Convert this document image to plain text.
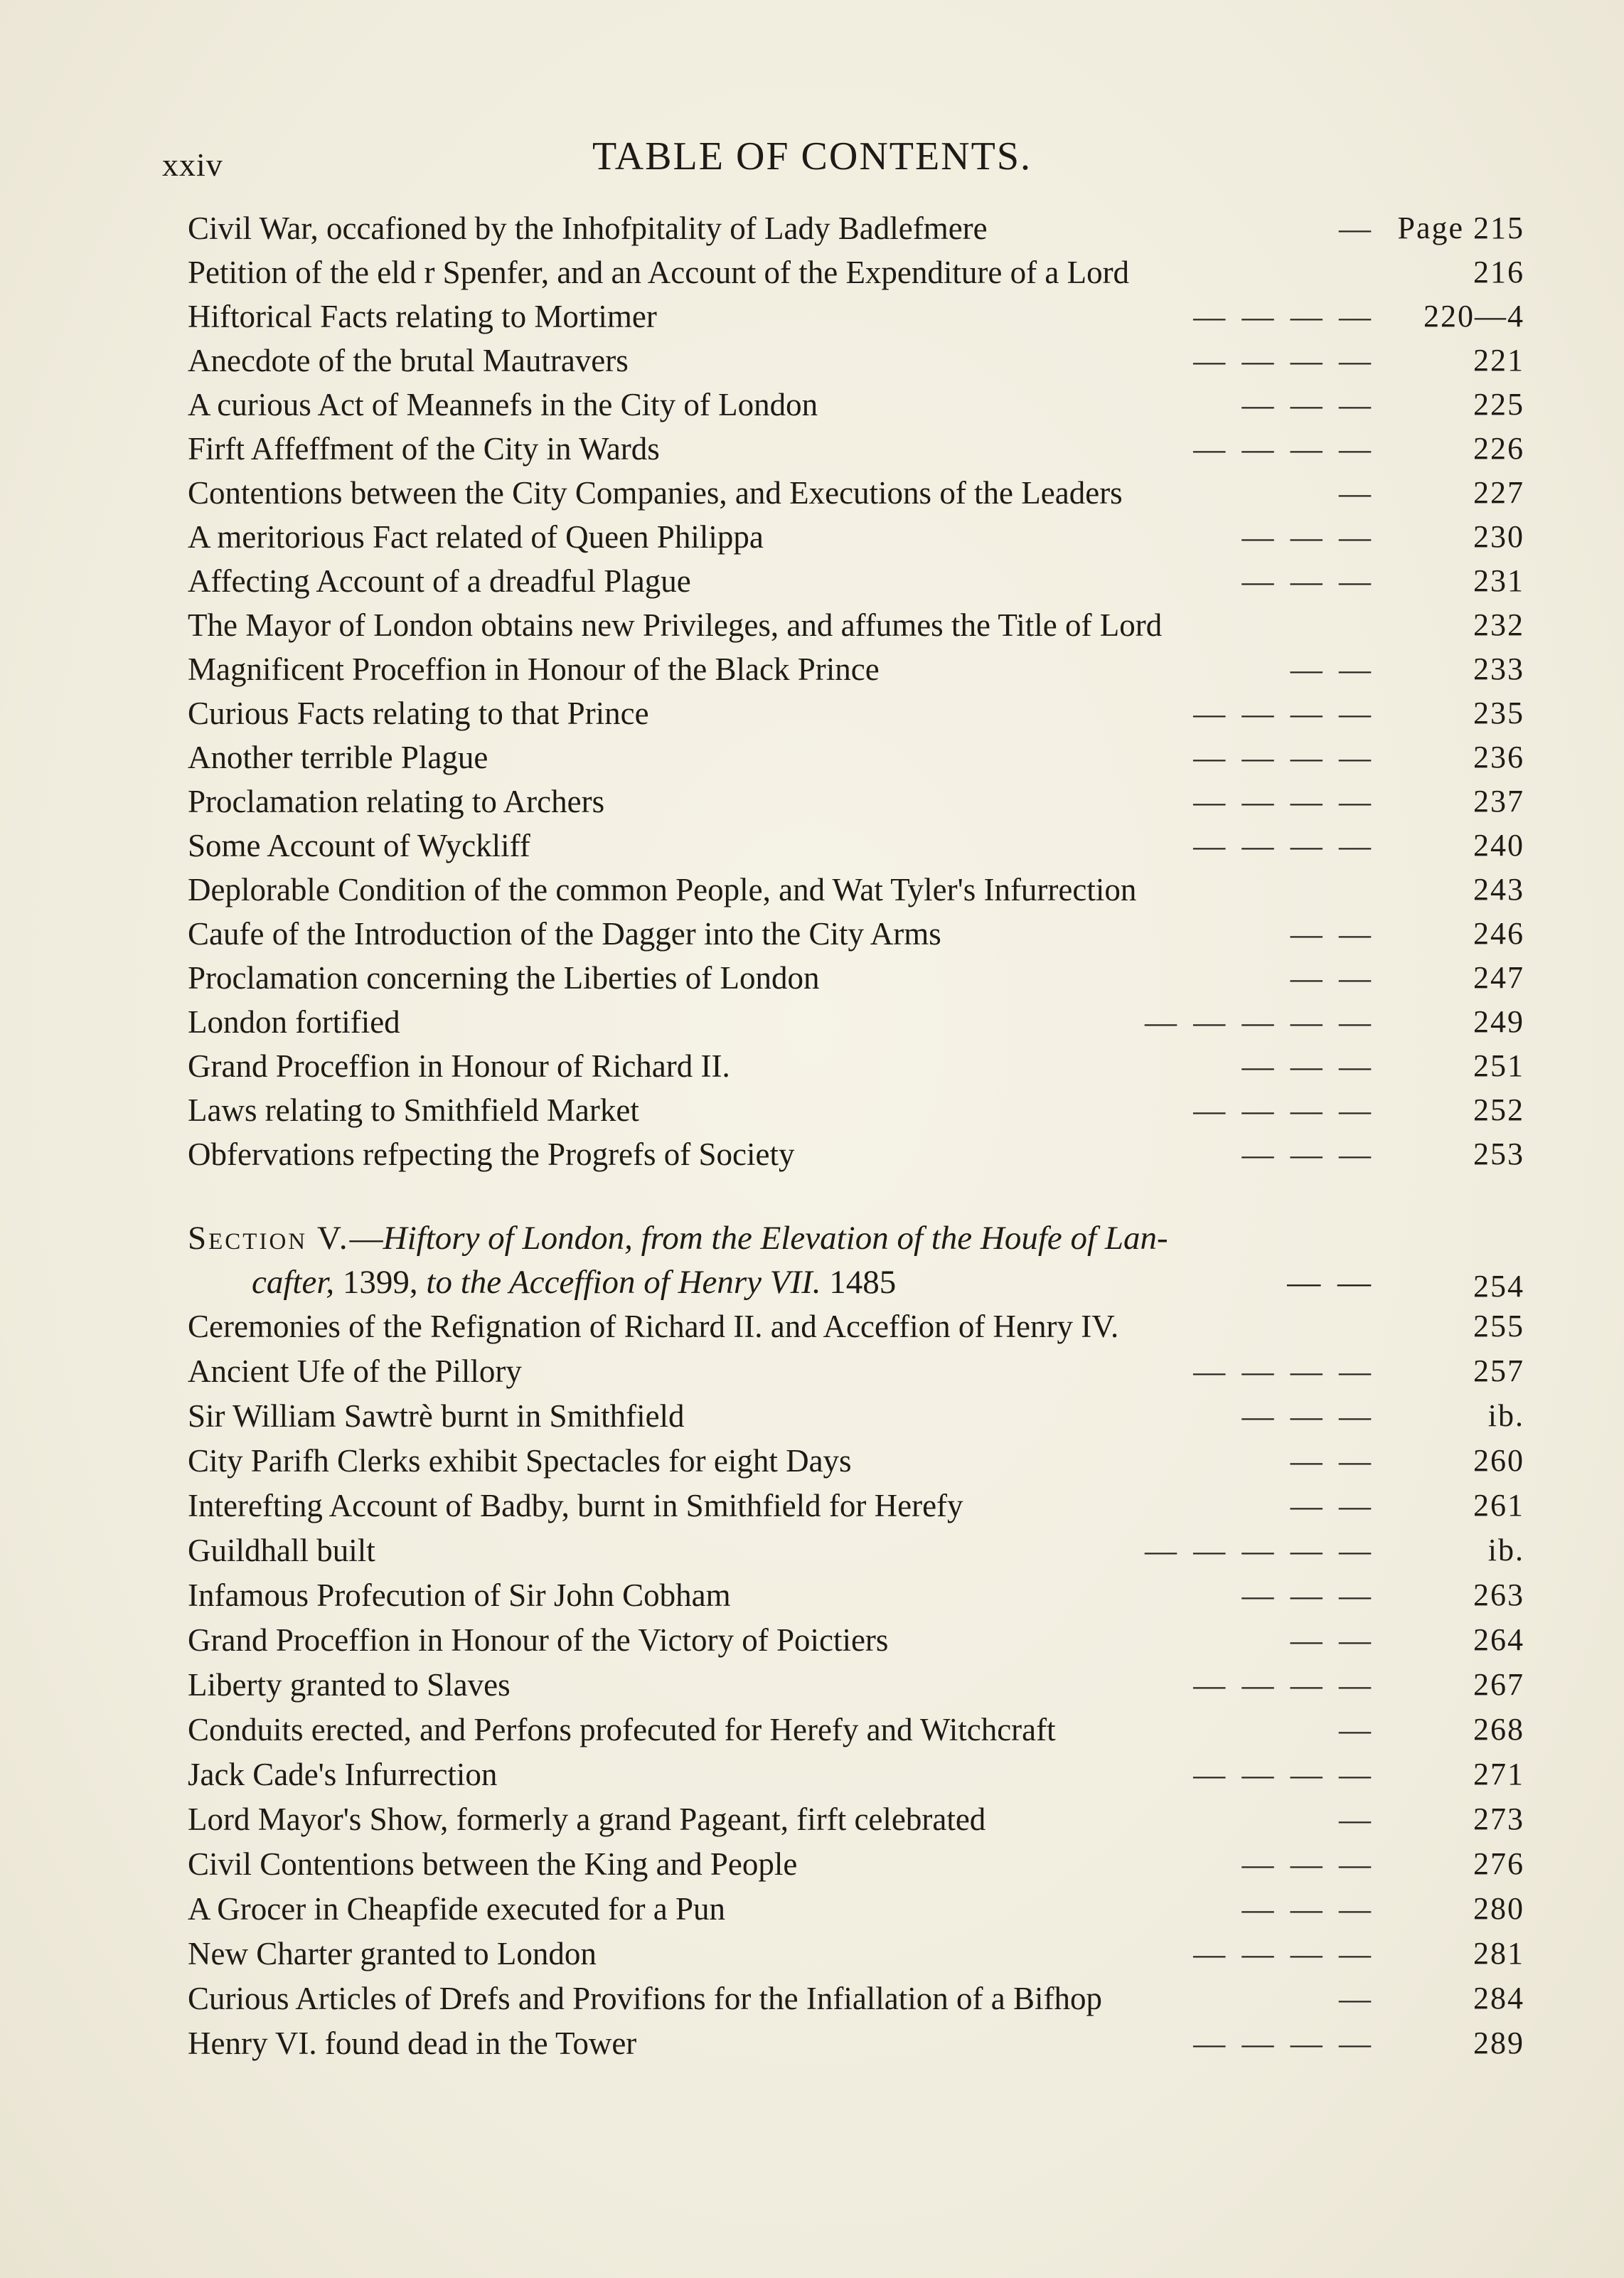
xxiv	TABLE OF CONTENTS.
Civil War, occafioned by the Inhofpitality of Lady Badlefmere	— Page 215
Petition of the eld r Spenfer, and an Account of the Expenditure of a Lord	216
Hiftorical Facts relating to Mortimer	— — — —	220—4
Anecdote of the brutal Mautravers	— — — —	221
A curious Act of Meannefs in the City of London	— — —	225
Firft Affeffment of the City in Wards	— — — —	226
Contentions between the City Companies, and Executions of the Leaders	—	227
A meritorious Fact related of Queen Philippa	— — —	230
Affecting Account of a dreadful Plague	— — —	231
The Mayor of London obtains new Privileges, and affumes the Title of Lord	232
Magnificent Proceffion in Honour of the Black Prince	— —	233
Curious Facts relating to that Prince	— — — —	235
Another terrible Plague	— — — —	236
Proclamation relating to Archers	— — — —	237
Some Account of Wyckliff	— — — —	240
Deplorable Condition of the common People, and Wat Tyler's Infurrection	243
Caufe of the Introduction of the Dagger into the City Arms	— —	246
Proclamation concerning the Liberties of London	— —	247
London fortified	— — — — —	249
Grand Proceffion in Honour of Richard II.	— — —	251
Laws relating to Smithfield Market	— — — —	252
Obfervations refpecting the Progrefs of Society	— — —	253
Section V.—Hiftory of London, from the Elevation of the Houfe of Lan-
cafter, 1399, to the Acceffion of Henry VII. 1485	— —	254
Ceremonies of the Refignation of Richard II. and Acceffion of Henry IV.	255
Ancient Ufe of the Pillory	— — — —	257
Sir William Sawtrè burnt in Smithfield	— — —	ib.
City Parifh Clerks exhibit Spectacles for eight Days	— —	260
Interefting Account of Badby, burnt in Smithfield for Herefy	— —	261
Guildhall built	— — — — —	ib.
Infamous Profecution of Sir John Cobham	— — —	263
Grand Proceffion in Honour of the Victory of Poictiers	— —	264
Liberty granted to Slaves	— — — —	267
Conduits erected, and Perfons profecuted for Herefy and Witchcraft	—	268
Jack Cade's Infurrection	— — — —	271
Lord Mayor's Show, formerly a grand Pageant, firft celebrated	—	273
Civil Contentions between the King and People	— — —	276
A Grocer in Cheapfide executed for a Pun	— — —	280
New Charter granted to London	— — — —	281
Curious Articles of Drefs and Provifions for the Infiallation of a Bifhop	—	284
Henry VI. found dead in the Tower	— — — —	289
